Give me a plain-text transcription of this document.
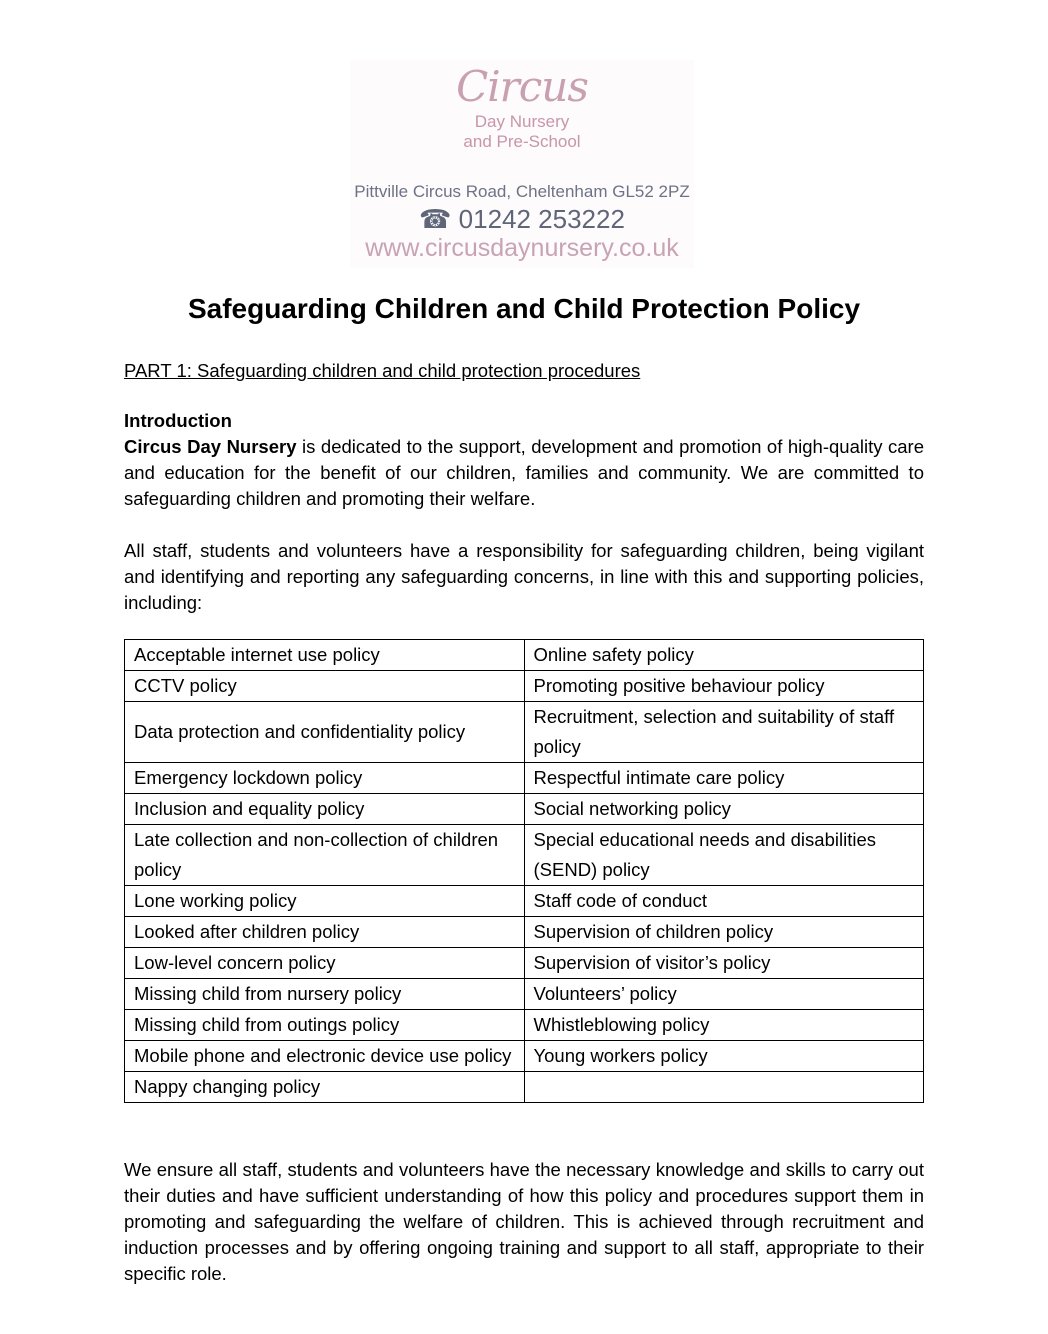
Circus
Day Nursery
and Pre-School
Pittville Circus Road, Cheltenham GL52 2PZ
☎ 01242 253222
www.circusdaynursery.co.uk
Safeguarding Children and Child Protection Policy
PART 1: Safeguarding children and child protection procedures
Introduction
Circus Day Nursery is dedicated to the support, development and promotion of high-quality care and education for the benefit of our children, families and community. We are committed to safeguarding children and promoting their welfare.
All staff, students and volunteers have a responsibility for safeguarding children, being vigilant and identifying and reporting any safeguarding concerns, in line with this and supporting policies, including:
Acceptable internet use policy	Online safety policy
CCTV policy	Promoting positive behaviour policy
Data protection and confidentiality policy	Recruitment, selection and suitability of staff policy
Emergency lockdown policy	Respectful intimate care policy
Inclusion and equality policy	Social networking policy
Late collection and non-collection of children policy	Special educational needs and disabilities (SEND) policy
Lone working policy	Staff code of conduct
Looked after children policy	Supervision of children policy
Low-level concern policy	Supervision of visitor’s policy
Missing child from nursery policy	Volunteers’ policy
Missing child from outings policy	Whistleblowing policy
Mobile phone and electronic device use policy	Young workers policy
Nappy changing policy	
We ensure all staff, students and volunteers have the necessary knowledge and skills to carry out their duties and have sufficient understanding of how this policy and procedures support them in promoting and safeguarding the welfare of children. This is achieved through recruitment and induction processes and by offering ongoing training and support to all staff, appropriate to their specific role.
